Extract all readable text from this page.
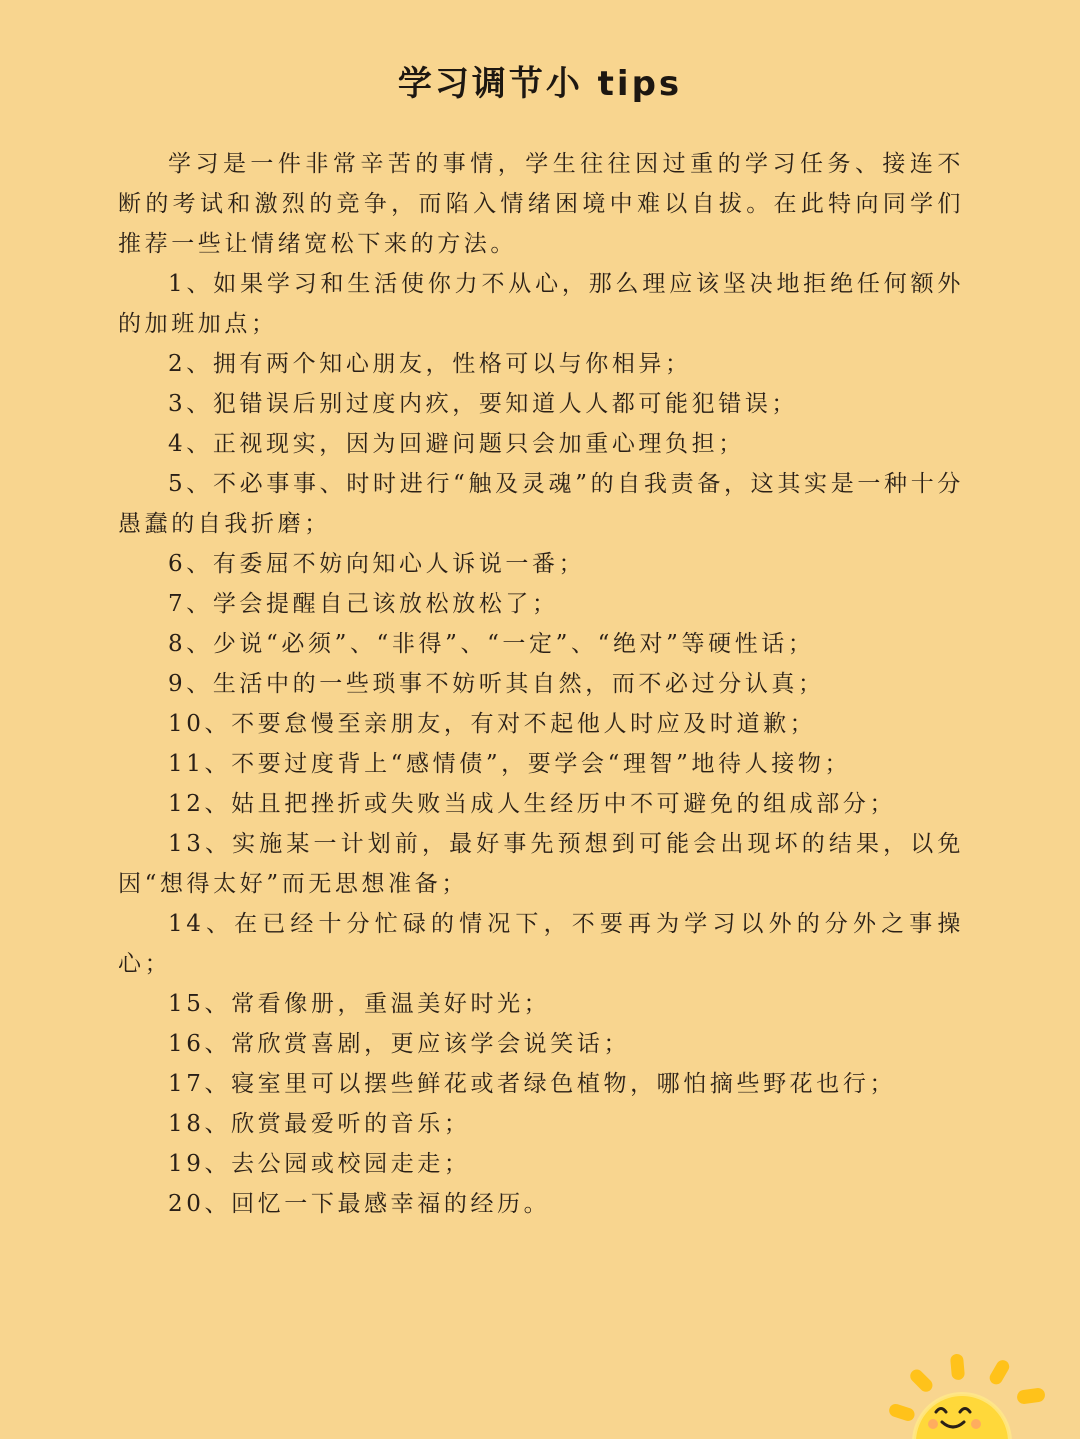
学习调节小 tips

学习是一件非常辛苦的事情，学生往往因过重的学习任务、接连不断的考试和激烈的竞争，而陷入情绪困境中难以自拔。在此特向同学们推荐一些让情绪宽松下来的方法。

1、如果学习和生活使你力不从心，那么理应该坚决地拒绝任何额外的加班加点；
2、拥有两个知心朋友，性格可以与你相异；
3、犯错误后别过度内疚，要知道人人都可能犯错误；
4、正视现实，因为回避问题只会加重心理负担；
5、不必事事、时时进行“触及灵魂”的自我责备，这其实是一种十分愚蠢的自我折磨；
6、有委屈不妨向知心人诉说一番；
7、学会提醒自己该放松放松了；
8、少说“必须”、“非得”、“一定”、“绝对”等硬性话；
9、生活中的一些琐事不妨听其自然，而不必过分认真；
10、不要怠慢至亲朋友，有对不起他人时应及时道歉；
11、不要过度背上“感情债”，要学会“理智”地待人接物；
12、姑且把挫折或失败当成人生经历中不可避免的组成部分；
13、实施某一计划前，最好事先预想到可能会出现坏的结果，以免因“想得太好”而无思想准备；
14、在已经十分忙碌的情况下，不要再为学习以外的分外之事操心；
15、常看像册，重温美好时光；
16、常欣赏喜剧，更应该学会说笑话；
17、寝室里可以摆些鲜花或者绿色植物，哪怕摘些野花也行；
18、欣赏最爱听的音乐；
19、去公园或校园走走；
20、回忆一下最感幸福的经历。
